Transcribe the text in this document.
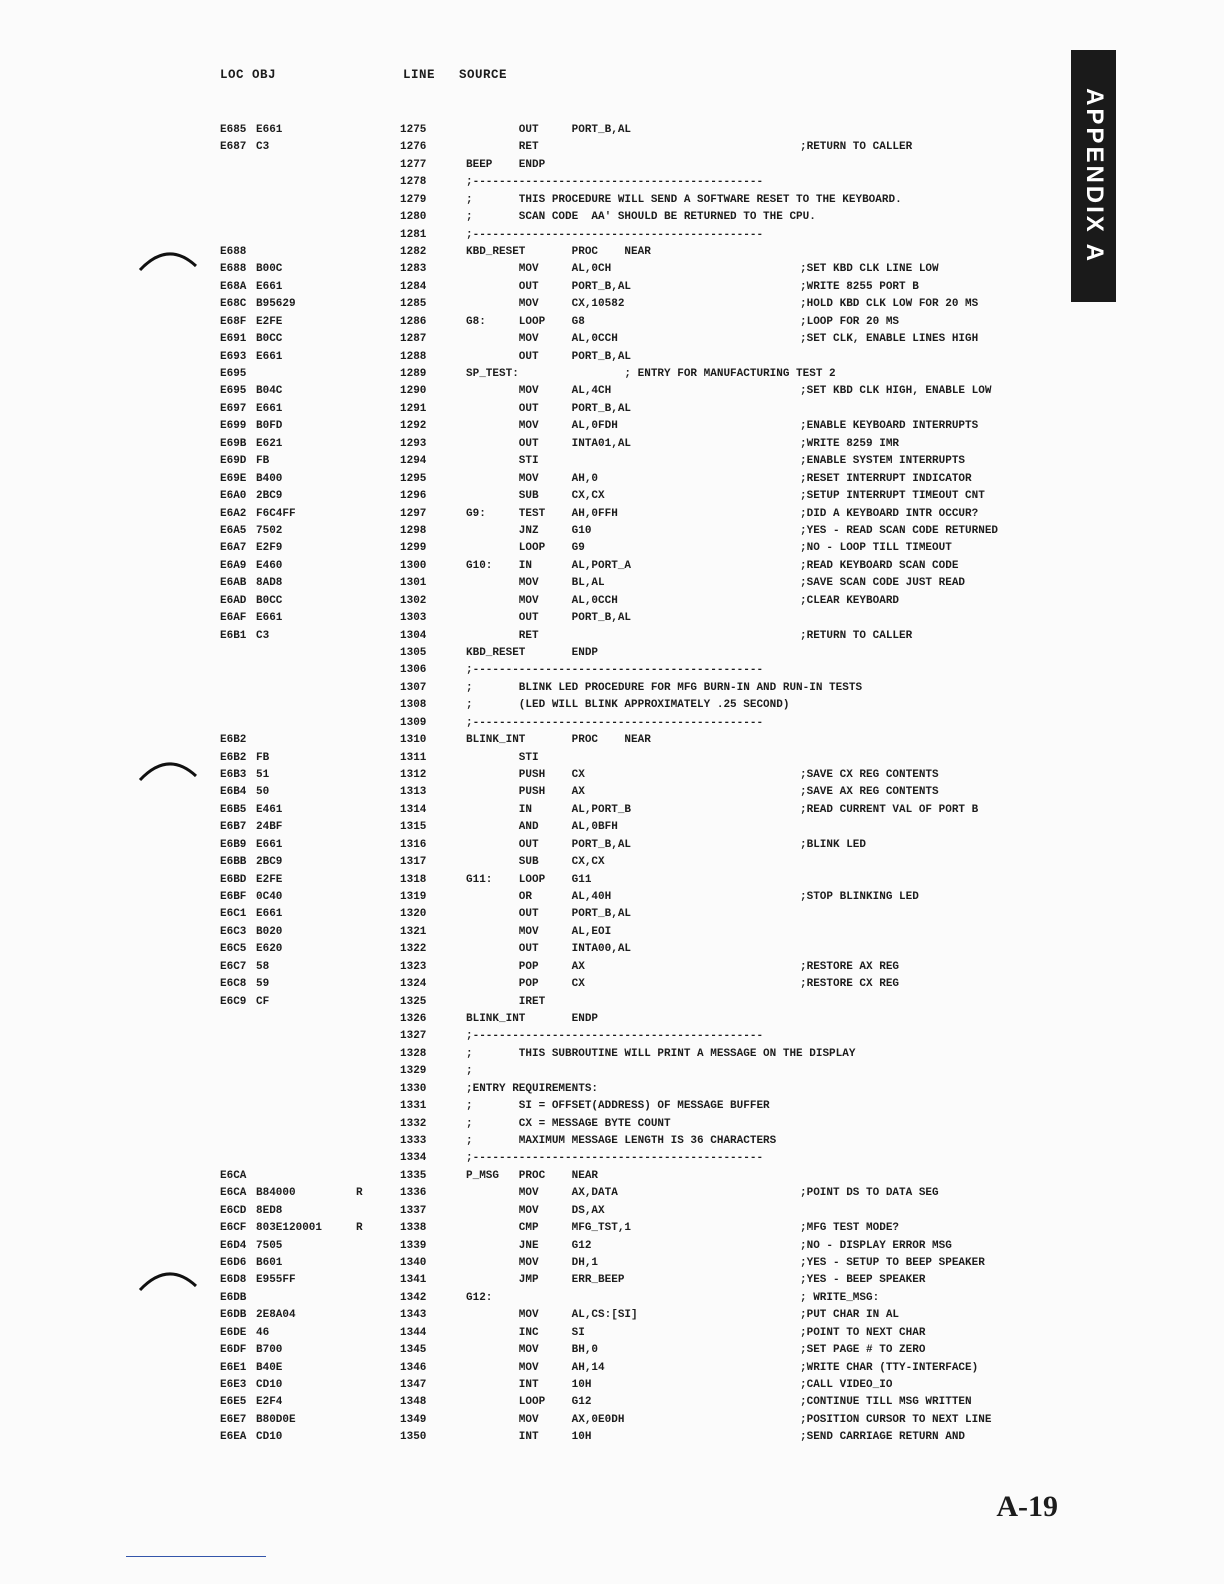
LOC OBJ	LINE SOURCE
APPENDIX A
E685 E661	1275	OUT     PORT_B,AL
E687 C3	1276	RET	;RETURN TO CALLER
1277	BEEP    ENDP
1278	;--------------------------------------------
1279	;       THIS PROCEDURE WILL SEND A SOFTWARE RESET TO THE KEYBOARD.
1280	;       SCAN CODE  AA' SHOULD BE RETURNED TO THE CPU.
1281	;--------------------------------------------
E688	1282	KBD_RESET       PROC    NEAR
E688 B00C	1283	MOV     AL,0CH	;SET KBD CLK LINE LOW
E68A E661	1284	OUT     PORT_B,AL	;WRITE 8255 PORT B
E68C B95629	1285	MOV     CX,10582	;HOLD KBD CLK LOW FOR 20 MS
E68F E2FE	1286	G8:     LOOP    G8	;LOOP FOR 20 MS
E691 B0CC	1287	MOV     AL,0CCH	;SET CLK, ENABLE LINES HIGH
E693 E661	1288	OUT     PORT_B,AL
E695	1289	SP_TEST:                ; ENTRY FOR MANUFACTURING TEST 2
E695 B04C	1290	MOV     AL,4CH	;SET KBD CLK HIGH, ENABLE LOW
E697 E661	1291	OUT     PORT_B,AL
E699 B0FD	1292	MOV     AL,0FDH	;ENABLE KEYBOARD INTERRUPTS
E69B E621	1293	OUT     INTA01,AL	;WRITE 8259 IMR
E69D FB	1294	STI	;ENABLE SYSTEM INTERRUPTS
E69E B400	1295	MOV     AH,0	;RESET INTERRUPT INDICATOR
E6A0 2BC9	1296	SUB     CX,CX	;SETUP INTERRUPT TIMEOUT CNT
E6A2 F6C4FF	1297	G9:     TEST    AH,0FFH	;DID A KEYBOARD INTR OCCUR?
E6A5 7502	1298	JNZ     G10	;YES - READ SCAN CODE RETURNED
E6A7 E2F9	1299	LOOP    G9	;NO - LOOP TILL TIMEOUT
E6A9 E460	1300	G10:    IN      AL,PORT_A	;READ KEYBOARD SCAN CODE
E6AB 8AD8	1301	MOV     BL,AL	;SAVE SCAN CODE JUST READ
E6AD B0CC	1302	MOV     AL,0CCH	;CLEAR KEYBOARD
E6AF E661	1303	OUT     PORT_B,AL
E6B1 C3	1304	RET	;RETURN TO CALLER
1305	KBD_RESET       ENDP
1306	;--------------------------------------------
1307	;       BLINK LED PROCEDURE FOR MFG BURN-IN AND RUN-IN TESTS
1308	;       (LED WILL BLINK APPROXIMATELY .25 SECOND)
1309	;--------------------------------------------
E6B2	1310	BLINK_INT       PROC    NEAR
E6B2 FB	1311	STI
E6B3 51	1312	PUSH    CX	;SAVE CX REG CONTENTS
E6B4 50	1313	PUSH    AX	;SAVE AX REG CONTENTS
E6B5 E461	1314	IN      AL,PORT_B	;READ CURRENT VAL OF PORT B
E6B7 24BF	1315	AND     AL,0BFH
E6B9 E661	1316	OUT     PORT_B,AL	;BLINK LED
E6BB 2BC9	1317	SUB     CX,CX
E6BD E2FE	1318	G11:    LOOP    G11
E6BF 0C40	1319	OR      AL,40H	;STOP BLINKING LED
E6C1 E661	1320	OUT     PORT_B,AL
E6C3 B020	1321	MOV     AL,EOI
E6C5 E620	1322	OUT     INTA00,AL
E6C7 58	1323	POP     AX	;RESTORE AX REG
E6C8 59	1324	POP     CX	;RESTORE CX REG
E6C9 CF	1325	IRET
1326	BLINK_INT       ENDP
1327	;--------------------------------------------
1328	;       THIS SUBROUTINE WILL PRINT A MESSAGE ON THE DISPLAY
1329	;
1330	;ENTRY REQUIREMENTS:
1331	;       SI = OFFSET(ADDRESS) OF MESSAGE BUFFER
1332	;       CX = MESSAGE BYTE COUNT
1333	;       MAXIMUM MESSAGE LENGTH IS 36 CHARACTERS
1334	;--------------------------------------------
E6CA	1335	P_MSG   PROC    NEAR
E6CA B84000	R	1336	MOV     AX,DATA	;POINT DS TO DATA SEG
E6CD 8ED8	1337	MOV     DS,AX
E6CF 803E120001	R	1338	CMP     MFG_TST,1	;MFG TEST MODE?
E6D4 7505	1339	JNE     G12	;NO - DISPLAY ERROR MSG
E6D6 B601	1340	MOV     DH,1	;YES - SETUP TO BEEP SPEAKER
E6D8 E955FF	1341	JMP     ERR_BEEP	;YES - BEEP SPEAKER
E6DB	1342	G12:	; WRITE_MSG:
E6DB 2E8A04	1343	MOV     AL,CS:[SI]	;PUT CHAR IN AL
E6DE 46	1344	INC     SI	;POINT TO NEXT CHAR
E6DF B700	1345	MOV     BH,0	;SET PAGE # TO ZERO
E6E1 B40E	1346	MOV     AH,14	;WRITE CHAR (TTY-INTERFACE)
E6E3 CD10	1347	INT     10H	;CALL VIDEO_IO
E6E5 E2F4	1348	LOOP    G12	;CONTINUE TILL MSG WRITTEN
E6E7 B80D0E	1349	MOV     AX,0E0DH	;POSITION CURSOR TO NEXT LINE
E6EA CD10	1350	INT     10H	;SEND CARRIAGE RETURN AND
A-19
